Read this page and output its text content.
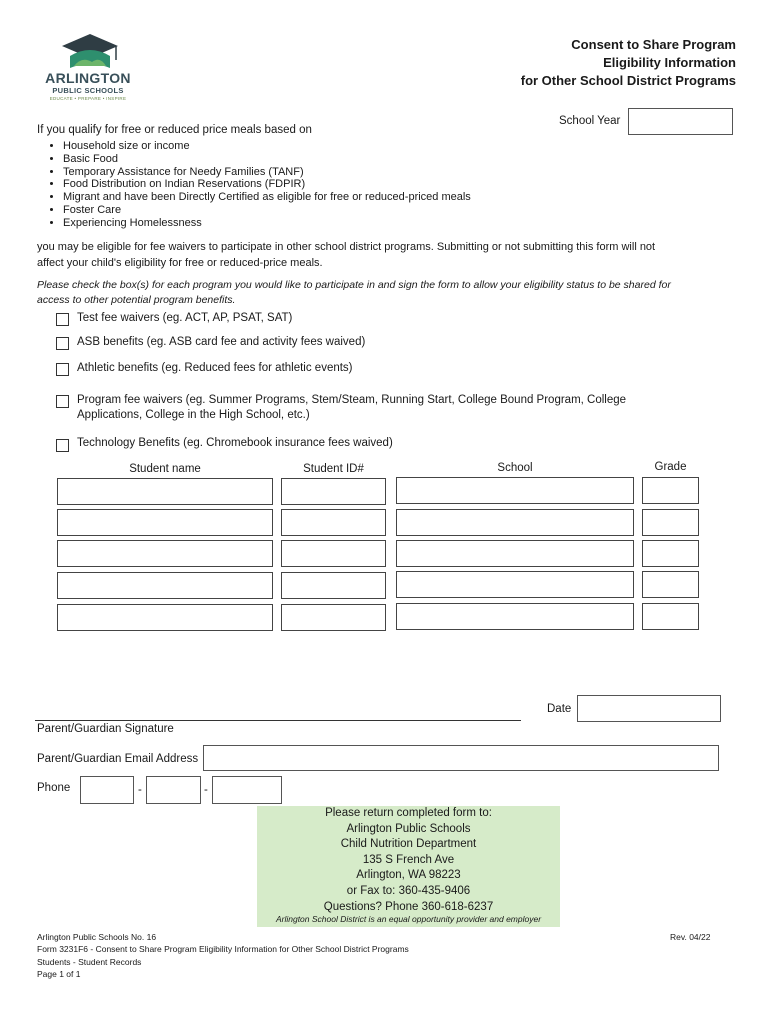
ARLINGTON
PUBLIC SCHOOLS
EDUCATE • PREPARE • INSPIRE
Consent to Share Program
Eligibility Information
for Other School District Programs
School Year
If you qualify for free or reduced price meals based on
• Household size or income
• Basic Food
• Temporary Assistance for Needy Families (TANF)
• Food Distribution on Indian Reservations (FDPIR)
• Migrant and have been Directly Certified as eligible for free or reduced-priced meals
• Foster Care
• Experiencing Homelessness
you may be eligible for fee waivers to participate in other school district programs. Submitting or not submitting this form will not
affect your child's eligibility for free or reduced-price meals.
Please check the box(s) for each program you would like to participate in and sign the form to allow your eligibility status to be shared for
access to other potential program benefits.
Test fee waivers (eg. ACT, AP, PSAT, SAT)
ASB benefits (eg. ASB card fee and activity fees waived)
Athletic benefits (eg. Reduced fees for athletic events)
Program fee waivers (eg. Summer Programs, Stem/Steam, Running Start, College Bound Program, College
Applications, College in the High School, etc.)
Technology Benefits (eg. Chromebook insurance fees waived)
Student name	Student ID#	School	Grade
Date
Parent/Guardian Signature
Parent/Guardian Email Address
Phone	-	-
Please return completed form to:
Arlington Public Schools
Child Nutrition Department
135 S French Ave
Arlington, WA 98223
or Fax to: 360-435-9406
Questions? Phone 360-618-6237
Arlington School District is an equal opportunity provider and employer
Arlington Public Schools No. 16
Form 3231F6 - Consent to Share Program Eligibility Information for Other School District Programs
Students - Student Records
Page 1 of 1
Rev. 04/22
